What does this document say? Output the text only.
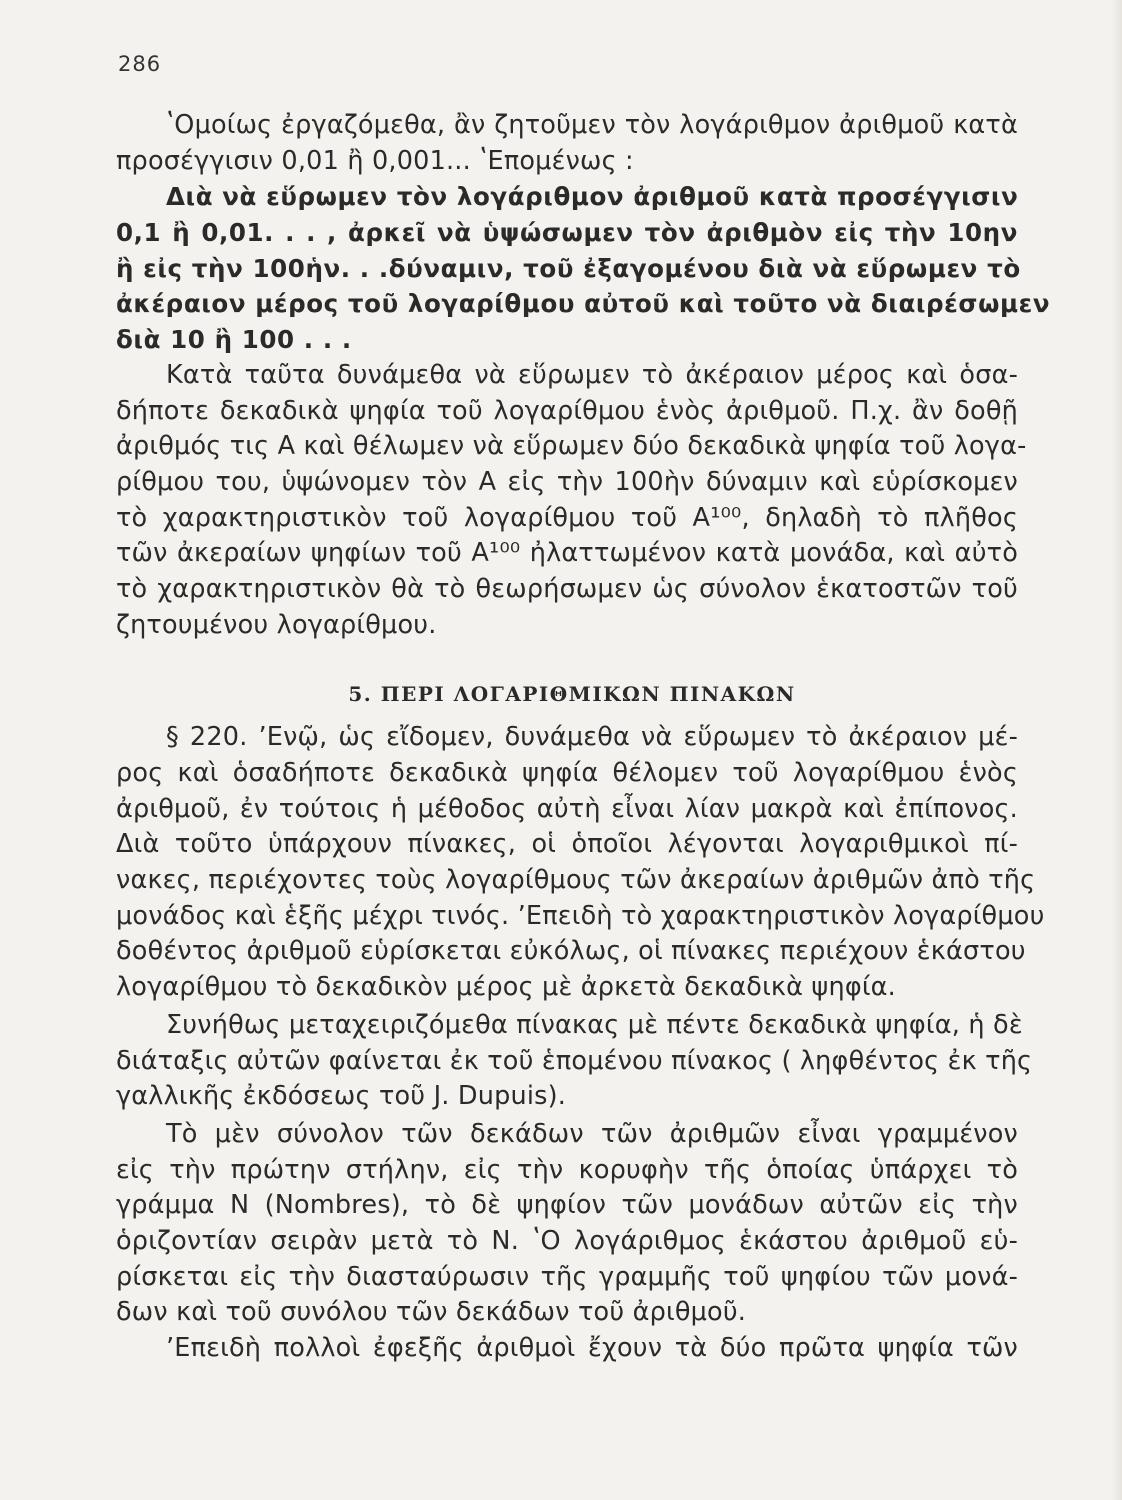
286
ʽΟμοίως ἐργαζόμεθα, ἂν ζητοῦμεν τὸν λογάριθμον ἀριθμοῦ κατὰ
προσέγγισιν 0,01 ἢ 0,001... ʽΕπομένως :
Διὰ νὰ εὕρωμεν τὸν λογάριθμον ἀριθμοῦ κατὰ προσέγγισιν
0,1 ἢ 0,01. . . , ἀρκεῖ νὰ ὑψώσωμεν τὸν ἀριθμὸν εἰς τὴν 10ην
ἢ εἰς τὴν 100ἡν. . .δύναμιν, τοῦ ἐξαγομένου διὰ νὰ εὕρωμεν τὸ
ἀκέραιον μέρος τοῦ λογαρίθμου αὐτοῦ καὶ τοῦτο νὰ διαιρέσωμεν
διὰ 10 ἢ 100 . . .
Κατὰ ταῦτα δυνάμεθα νὰ εὕρωμεν τὸ ἀκέραιον μέρος καὶ ὁσα-
δήποτε δεκαδικὰ ψηφία τοῦ λογαρίθμου ἑνὸς ἀριθμοῦ. Π.χ. ἂν δοθῇ
ἀριθμός τις Α καὶ θέλωμεν νὰ εὕρωμεν δύο δεκαδικὰ ψηφία τοῦ λογα-
ρίθμου του, ὑψώνομεν τὸν Α εἰς τὴν 100ὴν δύναμιν καὶ εὑρίσκομεν
τὸ χαρακτηριστικὸν τοῦ λογαρίθμου τοῦ Α¹⁰⁰, δηλαδὴ τὸ πλῆθος
τῶν ἀκεραίων ψηφίων τοῦ Α¹⁰⁰ ἠλαττωμένον κατὰ μονάδα, καὶ αὐτὸ
τὸ χαρακτηριστικὸν θὰ τὸ θεωρήσωμεν ὡς σύνολον ἑκατοστῶν τοῦ
ζητουμένου λογαρίθμου.
5. ΠΕΡΙ ΛΟΓΑΡΙΘΜΙΚΩΝ ΠΙΝΑΚΩΝ
§ 220. ʼΕνῷ, ὡς εἴδομεν, δυνάμεθα νὰ εὕρωμεν τὸ ἀκέραιον μέ-
ρος καὶ ὁσαδήποτε δεκαδικὰ ψηφία θέλομεν τοῦ λογαρίθμου ἑνὸς
ἀριθμοῦ, ἐν τούτοις ἡ μέθοδος αὐτὴ εἶναι λίαν μακρὰ καὶ ἐπίπονος.
Διὰ τοῦτο ὑπάρχουν πίνακες, οἱ ὁποῖοι λέγονται λογαριθμικοὶ πί-
νακες, περιέχοντες τοὺς λογαρίθμους τῶν ἀκεραίων ἀριθμῶν ἀπὸ τῆς
μονάδος καὶ ἑξῆς μέχρι τινός. ʼΕπειδὴ τὸ χαρακτηριστικὸν λογαρίθμου
δοθέντος ἀριθμοῦ εὑρίσκεται εὐκόλως, οἱ πίνακες περιέχουν ἑκάστου
λογαρίθμου τὸ δεκαδικὸν μέρος μὲ ἀρκετὰ δεκαδικὰ ψηφία.
Συνήθως μεταχειριζόμεθα πίνακας μὲ πέντε δεκαδικὰ ψηφία, ἡ δὲ
διάταξις αὐτῶν φαίνεται ἐκ τοῦ ἑπομένου πίνακος ( ληφθέντος ἐκ τῆς
γαλλικῆς ἐκδόσεως τοῦ J. Dupuis).
Τὸ μὲν σύνολον τῶν δεκάδων τῶν ἀριθμῶν εἶναι γραμμένον
εἰς τὴν πρώτην στήλην, εἰς τὴν κορυφὴν τῆς ὁποίας ὑπάρχει τὸ
γράμμα Ν (Nombres), τὸ δὲ ψηφίον τῶν μονάδων αὐτῶν εἰς τὴν
ὁριζοντίαν σειρὰν μετὰ τὸ Ν. ʽΟ λογάριθμος ἑκάστου ἀριθμοῦ εὑ-
ρίσκεται εἰς τὴν διασταύρωσιν τῆς γραμμῆς τοῦ ψηφίου τῶν μονά-
δων καὶ τοῦ συνόλου τῶν δεκάδων τοῦ ἀριθμοῦ.
ʼΕπειδὴ πολλοὶ ἐφεξῆς ἀριθμοὶ ἔχουν τὰ δύο πρῶτα ψηφία τῶν
